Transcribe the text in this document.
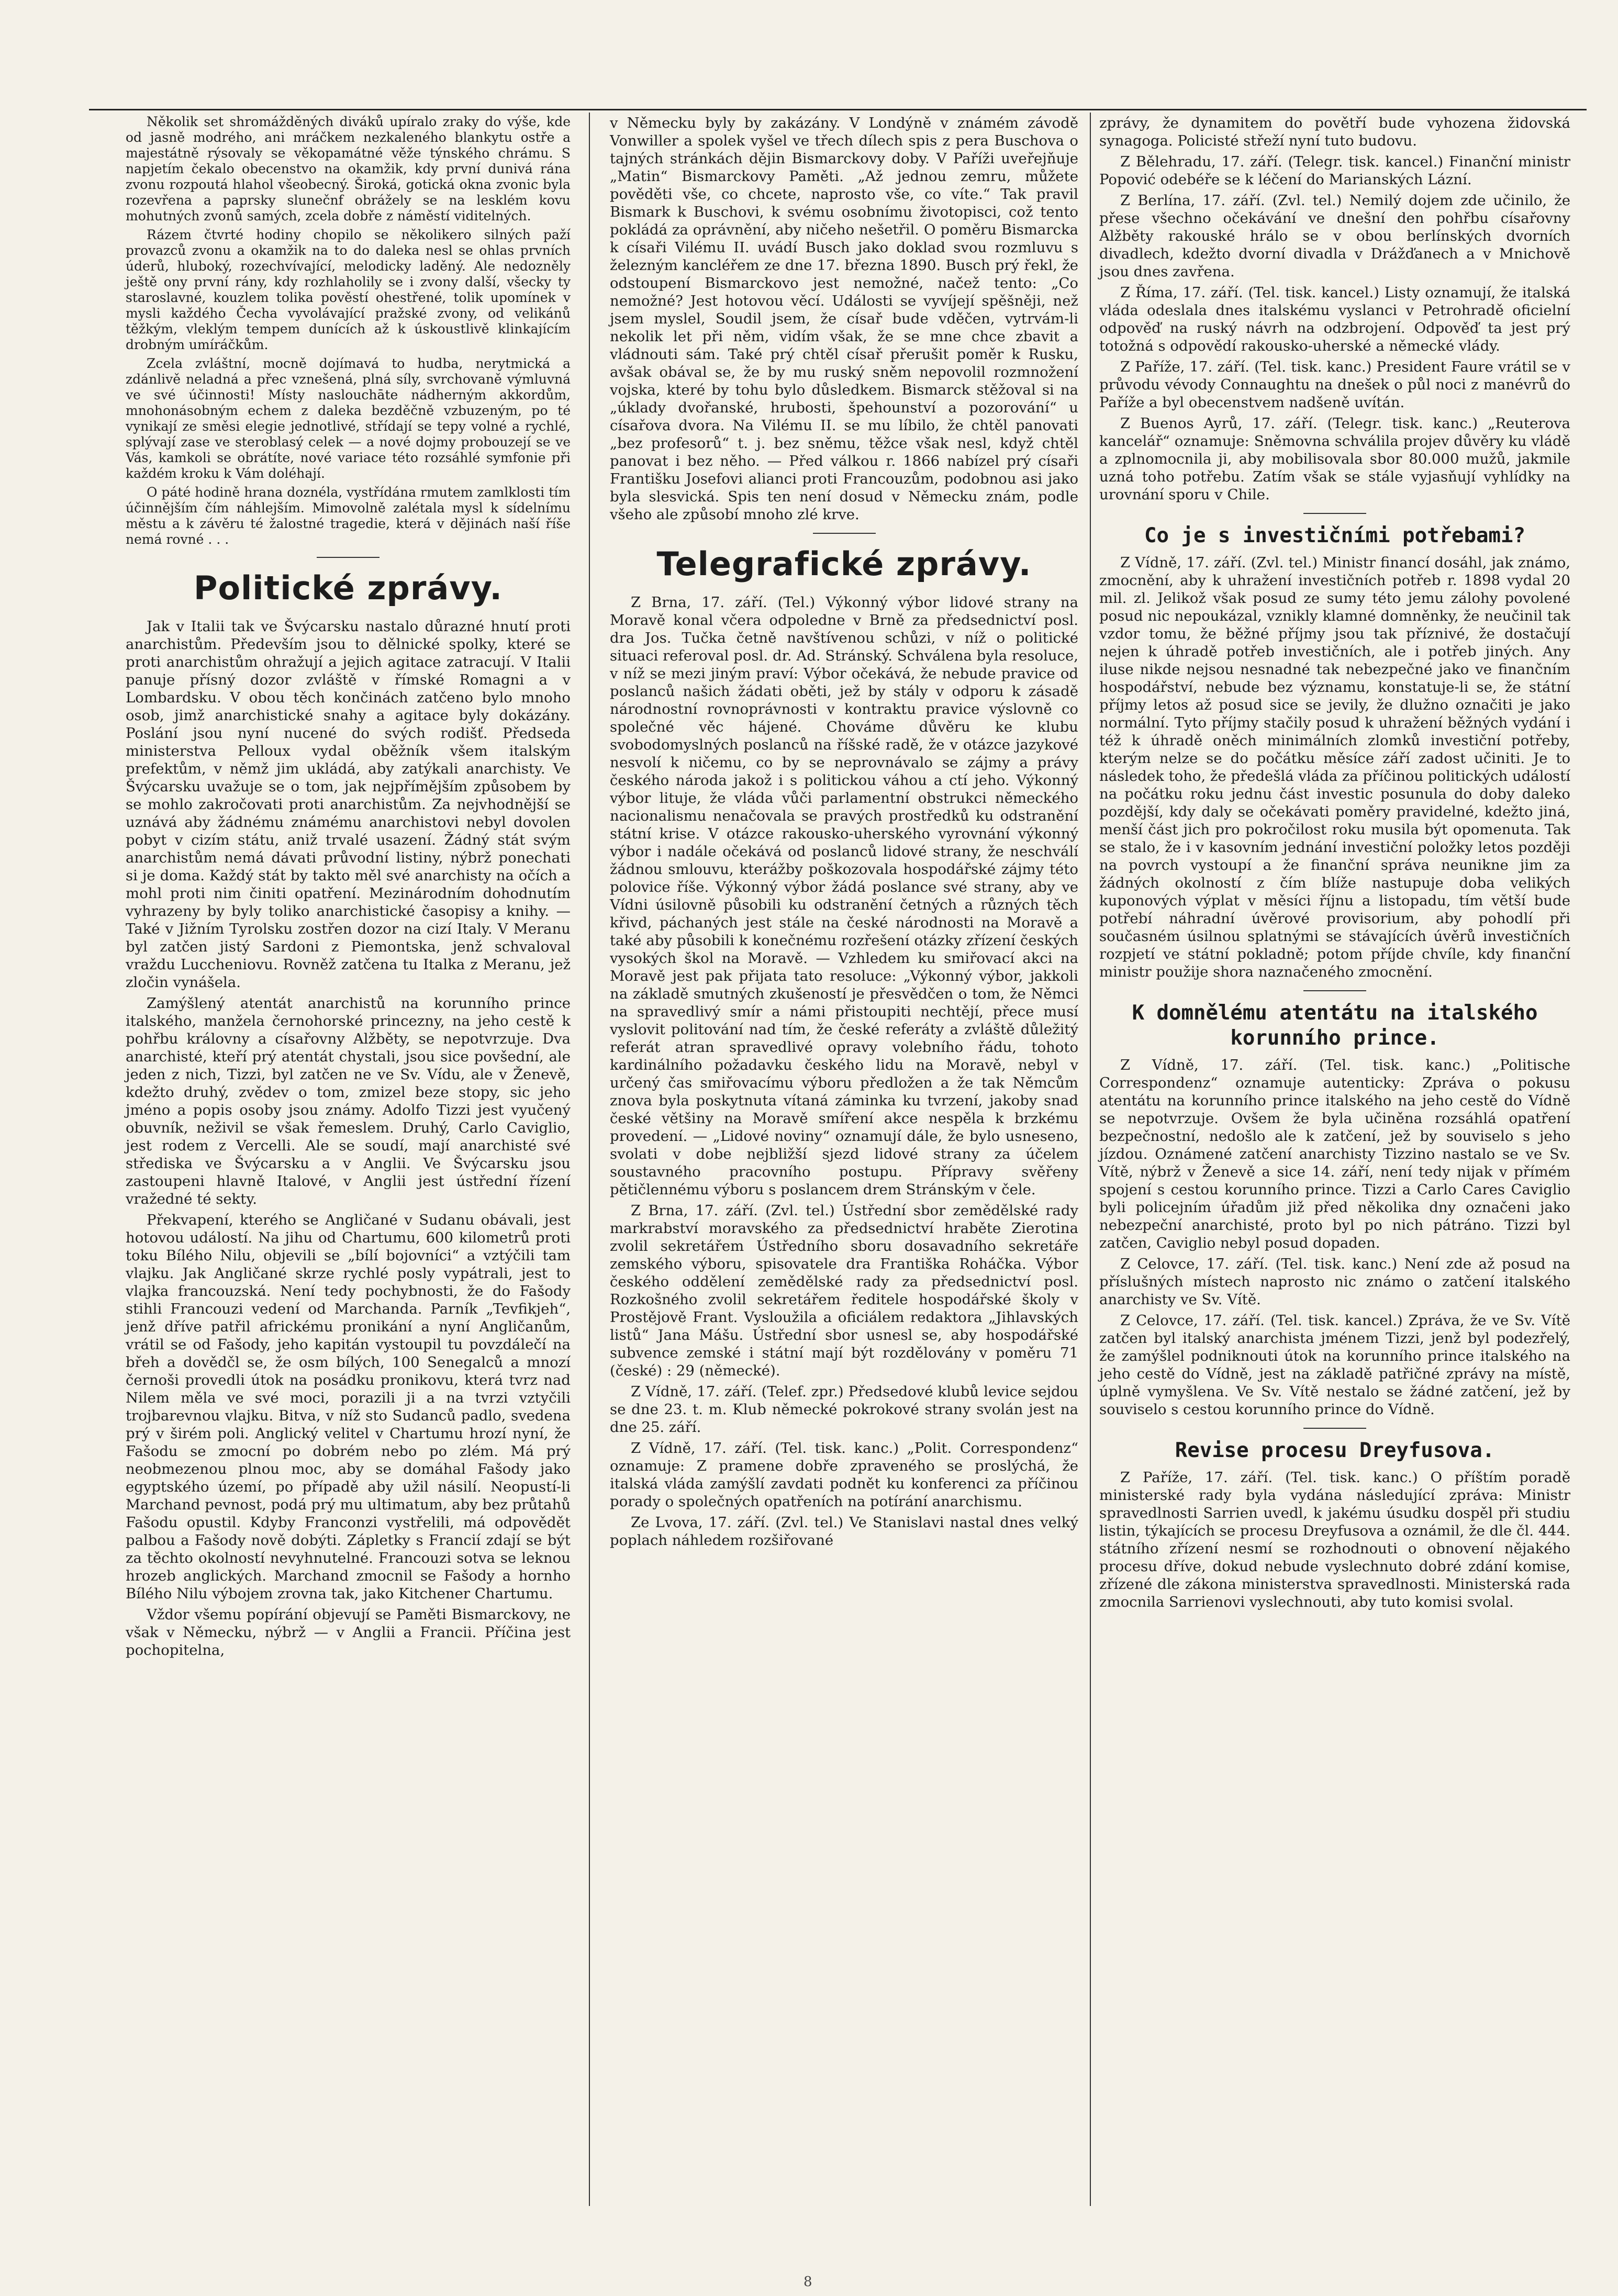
Několik set shromážděných diváků upíralo zraky do výše, kde od jasně modrého, ani mráčkem nezkaleného blankytu ostře a majestátně rýsovaly se věkopamátné věže týnského chrámu. S napjetím čekalo obecenstvo na okamžik, kdy první dunivá rána zvonu rozpoutá hlahol všeobecný. Široká, gotická okna zvonic byla rozevřena a paprsky slunečnf obrážely se na lesklém kovu mohutných zvonů samých, zcela dobře z náměstí viditelných.

Rázem čtvrté hodiny chopilo se několikero silných paží provazců zvonu a okamžik na to do daleka nesl se ohlas prvních úderů, hluboký, rozechvívající, melodicky laděný. Ale nedozněly ještě ony první rány, kdy rozhlaholily se i zvony další, všecky ty staroslavné, kouzlem tolika pověstí ohestřené, tolik upomínek v mysli každého Čecha vyvolávající pražské zvony, od velikánů těžkým, vleklým tempem dunících až k úskoustlivě klinkajícím drobným umíráčkům.

Zcela zvláštní, mocně dojímavá to hudba, nerytmická a zdánlivě neladná a přec vznešená, plná síly, svrchovaně výmluvná ve své účinnosti! Místy naslouchāte nádherným akkordům, mnohonásobným echem z daleka bezděčně vzbuzeným, po té vynikají ze směsi elegie jednotlivé, střídají se tepy volné a rychlé, splývají zase ve steroblasý celek — a nové dojmy probouzejí se ve Vás, kamkoli se obrátíte, nové variace této rozsáhlé symfonie při každém kroku k Vám doléhají.

O páté hodině hrana doznéla, vystřídána rmutem zamlklosti tím účinnějším čím náhlejším. Mimovolně zalétala mysl k sídelnímu městu a k závěru té žalostné tragedie, která v dějinách naší říše nemá rovné . . .

Politické zprávy.

Jak v Italii tak ve Švýcarsku nastalo důrazné hnutí proti anarchistům. Především jsou to dělnické spolky, které se proti anarchistům ohražují a jejich agitace zatracují. V Italii panuje přísný dozor zvláště v římské Romagni a v Lombardsku. V obou těch končinách zatčeno bylo mnoho osob, jimž anarchistické snahy a agitace byly dokázány. Poslání jsou nyní nucené do svých rodišť. Předseda ministerstva Pelloux vydal oběžník všem italským prefektům, v němž jim ukládá, aby zatýkali anarchisty. Ve Švýcarsku uvažuje se o tom, jak nejpřímějším způsobem by se mohlo zakročovati proti anarchistům. Za nejvhodnější se uznává aby žádnému známému anarchistovi nebyl dovolen pobyt v cizím státu, aniž trvalé usazení. Žádný stát svým anarchistům nemá dávati průvodní listiny, nýbrž ponechati si je doma. Každý stát by takto měl své anarchisty na očích a mohl proti nim činiti opatření. Mezinárodním dohodnutím vyhrazeny by byly toliko anarchistické časopisy a knihy. — Také v Jižním Tyrolsku zostřen dozor na cizí Italy. V Meranu byl zatčen jistý Sardoni z Piemontska, jenž schvaloval vraždu Luccheniovu. Rovněž zatčena tu Italka z Meranu, jež zločin vynášela.

Zamýšlený atentát anarchistů na korunního prince italského, manžela černohorské princezny, na jeho cestě k pohřbu královny a císařovny Alžběty, se nepotvrzuje. Dva anarchisté, kteří prý atentát chystali, jsou sice povšední, ale jeden z nich, Tizzi, byl zatčen ne ve Sv. Vídu, ale v Ženevě, kdežto druhý, zvědev o tom, zmizel beze stopy, sic jeho jméno a popis osoby jsou známy. Adolfo Tizzi jest vyučený obuvník, neživil se však řemeslem. Druhý, Carlo Caviglio, jest rodem z Vercelli. Ale se soudí, mají anarchisté své střediska ve Švýcarsku a v Anglii. Ve Švýcarsku jsou zastoupeni hlavně Italové, v Anglii jest ústřední řízení vražedné té sekty.

Překvapení, kterého se Angličané v Sudanu obávali, jest hotovou událostí. Na jihu od Chartumu, 600 kilometrů proti toku Bílého Nilu, objevili se „bílí bojovníci“ a vztýčili tam vlajku. Jak Angličané skrze rychlé posly vypátrali, jest to vlajka francouzská. Není tedy pochybnosti, že do Fašody stihli Francouzi vedení od Marchanda. Parník „Tevfikjeh“, jenž dříve patřil africkému pronikání a nyní Angličanům, vrátil se od Fašody, jeho kapitán vystoupil tu povzdálečí na břeh a dovědčl se, že osm bílých, 100 Senegalců a mnozí černoši provedli útok na posádku pronikovu, která tvrz nad Nilem měla ve své moci, porazili ji a na tvrzi vztyčili trojbarevnou vlajku. Bitva, v níž sto Sudanců padlo, svedena prý v širém poli. Anglický velitel v Chartumu hrozí nyní, že Fašodu se zmocní po dobrém nebo po zlém. Má prý neobmezenou plnou moc, aby se domáhal Fašody jako egyptského území, po případě aby užil násilí. Neopustí-li Marchand pevnost, podá prý mu ultimatum, aby bez průtahů Fašodu opustil. Kdyby Franconzi vystřelili, má odpovědět palbou a Fašody nově dobýti. Zápletky s Francií zdají se být za těchto okolností nevyhnutelné. Francouzi sotva se leknou hrozeb anglických. Marchand zmocnil se Fašody a hornho Bílého Nilu výbojem zrovna tak, jako Kitchener Chartumu.

Vždor všemu popírání objevují se Paměti Bismarckovy, ne však v Německu, nýbrž — v Anglii a Francii. Příčina jest pochopitelna,

v Německu byly by zakázány. V Londýně v známém závodě Vonwiller a spolek vyšel ve třech dílech spis z pera Buschova o tajných stránkách dějin Bismarckovy doby. V Paříži uveřejňuje „Matin“ Bismarckovy Paměti. „Až jednou zemru, můžete pověděti vše, co chcete, naprosto vše, co víte.“ Tak pravil Bismark k Buschovi, k svému osobnímu životopisci, což tento pokládá za oprávnění, aby ničeho nešetřil. O poměru Bismarcka k císaři Vilému II. uvádí Busch jako doklad svou rozmluvu s železným kancléřem ze dne 17. března 1890. Busch prý řekl, že odstoupení Bismarckovo jest nemožné, načež tento: „Co nemožné? Jest hotovou věcí. Události se vyvíjejí spěšněji, než jsem myslel, Soudil jsem, že císař bude vděčen, vytrvám-li nekolik let při něm, vidím však, že se mne chce zbavit a vládnouti sám. Také prý chtěl císař přerušit poměr k Rusku, avšak obával se, že by mu ruský sněm nepovolil rozmnožení vojska, které by tohu bylo důsledkem. Bismarck stěžoval si na „úklady dvořanské, hrubosti, špehounství a pozorování“ u císařova dvora. Na Vilému II. se mu líbilo, že chtěl panovati „bez profesorů“ t. j. bez sněmu, těžce však nesl, když chtěl panovat i bez něho. — Před válkou r. 1866 nabízel prý císaři Františku Josefovi alianci proti Francouzům, podobnou asi jako byla slesvická. Spis ten není dosud v Německu znám, podle všeho ale způsobí mnoho zlé krve.

Telegrafické zprávy.

Z Brna, 17. září. (Tel.) Výkonný výbor lidové strany na Moravě konal včera odpoledne v Brně za předsednictví posl. dra Jos. Tučka četně navštívenou schůzi, v níž o politické situaci referoval posl. dr. Ad. Stránský. Schválena byla resoluce, v níž se mezi jiným praví: Výbor očekává, že nebude pravice od poslanců našich žádati oběti, jež by stály v odporu k zásadě národnostní rovnoprávnosti v kontraktu pravice výslovně co společné věc hájené. Chováme důvěru ke klubu svobodomyslných poslanců na říšské radě, že v otázce jazykové nesvolí k ničemu, co by se neprovnávalo se zájmy a právy českého národa jakož i s politickou váhou a ctí jeho. Výkonný výbor lituje, že vláda vůči parlamentní obstrukci německého nacionalismu nenačovala se pravých prostředků ku odstranění státní krise. V otázce rakousko-uherského vyrovnání výkonný výbor i nadále očekává od poslanců lidové strany, že neschválí žádnou smlouvu, kterážby poškozovala hospodářské zájmy této polovice říše. Výkonný výbor žádá poslance své strany, aby ve Vídni úsilovně působili ku odstranění četných a různých těch křivd, páchaných jest stále na české národnosti na Moravě a také aby působili k konečnému rozřešení otázky zřízení českých vysokých škol na Moravě. — Vzhledem ku smiřovací akci na Moravě jest pak přijata tato resoluce: „Výkonný výbor, jakkoli na základě smutných zkušeností je přesvědčen o tom, že Němci na spravedlivý smír a námi přistoupiti nechtějí, přece musí vyslovit politování nad tím, že české referáty a zvláště důležitý referát atran spravedlivé opravy volebního řádu, tohoto kardinálního požadavku českého lidu na Moravě, nebyl v určený čas smiřovacímu výboru předložen a že tak Němcům znova byla poskytnuta vítaná záminka ku tvrzení, jakoby snad české většiny na Moravě smíření akce nespěla k brzkému provedení. — „Lidové noviny“ oznamují dále, že bylo usneseno, svolati v dobe nejbližší sjezd lidové strany za účelem soustavného pracovního postupu. Přípravy svěřeny pětičlennému výboru s poslancem drem Stránským v čele.

Z Brna, 17. září. (Zvl. tel.) Ústřední sbor zemědělské rady markrabství moravského za předsednictví hraběte Zierotina zvolil sekretářem Ústředního sboru dosavadního sekretáře zemského výboru, spisovatele dra Františka Roháčka. Výbor českého oddělení zemědělské rady za předsednictví posl. Rozkošného zvolil sekretářem ředitele hospodářské školy v Prostějově Frant. Vysloužila a oficiálem redaktora „Jihlavských listů“ Jana Mášu. Ústřední sbor usnesl se, aby hospodářské subvence zemské i státní mají být rozdělovány v poměru 71 (české) : 29 (německé).

Z Vídně, 17. září. (Telef. zpr.) Předsedové klubů levice sejdou se dne 23. t. m. Klub německé pokrokové strany svolán jest na dne 25. září.

Z Vídně, 17. září. (Tel. tisk. kanc.) „Polit. Correspondenz“ oznamuje: Z pramene dobře zpraveného se proslýchá, že italská vláda zamýšlí zavdati podnět ku konferenci za příčinou porady o společných opatřeních na potírání anarchismu.

Ze Lvova, 17. září. (Zvl. tel.) Ve Stanislavi nastal dnes velký poplach náhledem rozšiřované

zprávy, že dynamitem do povětří bude vyhozena židovská synagoga. Policisté střeží nyní tuto budovu.

Z Bělehradu, 17. září. (Telegr. tisk. kancel.) Finanční ministr Popović odebéře se k léčení do Marianských Lázní.

Z Berlína, 17. září. (Zvl. tel.) Nemilý dojem zde učinilo, že přese všechno očekávání ve dnešní den pohřbu císařovny Alžběty rakouské hrálo se v obou berlínských dvorních divadlech, kdežto dvorní divadla v Drážďanech a v Mnichově jsou dnes zavřena.

Z Říma, 17. září. (Tel. tisk. kancel.) Listy oznamují, že italská vláda odeslala dnes italskému vyslanci v Petrohradě oficielní odpověď na ruský návrh na odzbrojení. Odpověď ta jest prý totožná s odpovědí rakousko-uherské a německé vlády.

Z Paříže, 17. září. (Tel. tisk. kanc.) President Faure vrátil se v průvodu vévody Connaughtu na dnešek o půl noci z manévrů do Paříže a byl obecenstvem nadšeně uvítán.

Z Buenos Ayrů, 17. září. (Telegr. tisk. kanc.) „Reuterova kancelář“ oznamuje: Sněmovna schválila projev důvěry ku vládě a zplnomocnila ji, aby mobilisovala sbor 80.000 mužů, jakmile uzná toho potřebu. Zatím však se stále vyjasňují vyhlídky na urovnání sporu v Chile.

Co je s investičními potřebami?

Z Vídně, 17. září. (Zvl. tel.) Ministr financí dosáhl, jak známo, zmocnění, aby k uhražení investičních potřeb r. 1898 vydal 20 mil. zl. Jelikož však posud ze sumy této jemu zálohy povolené posud nic nepoukázal, vznikly klamné domněnky, že neučinil tak vzdor tomu, že běžné příjmy jsou tak příznivé, že dostačují nejen k úhradě potřeb investičních, ale i potřeb jiných. Any iluse nikde nejsou nesnadné tak nebezpečné jako ve finančním hospodářství, nebude bez významu, konstatuje-li se, že státní příjmy letos až posud sice se jevily, že dlužno označiti je jako normální. Tyto příjmy stačily posud k uhražení běžných vydání i též k úhradě oněch minimálních zlomků investiční potřeby, kterým nelze se do počátku měsíce září zadost učiniti. Je to následek toho, že předešlá vláda za příčinou politických událostí na počátku roku jednu část investic posunula do doby daleko pozdější, kdy daly se očekávati poměry pravidelné, kdežto jiná, menší část jich pro pokročilost roku musila být opomenuta. Tak se stalo, že i v kasovním jednání investiční položky letos později na povrch vystoupí a že finanční správa neunikne jim za žádných okolností z čím blíže nastupuje doba velikých kuponových výplat v měsíci říjnu a listopadu, tím větší bude potřebí náhradní úvěrové provisorium, aby pohodlí při současném úsilnou splatnými se stávajících úvěrů investičních rozpjetí ve státní pokladně; potom příjde chvíle, kdy finanční ministr použije shora naznačeného zmocnění.

K domnělému atentátu na italského korunního prince.

Z Vídně, 17. září. (Tel. tisk. kanc.) „Politische Correspondenz“ oznamuje autenticky: Zpráva o pokusu atentátu na korunního prince italského na jeho cestě do Vídně se nepotvrzuje. Ovšem že byla učiněna rozsáhlá opatření bezpečnostní, nedošlo ale k zatčení, jež by souviselo s jeho jízdou. Oznámené zatčení anarchisty Tizzino nastalo se ve Sv. Vítě, nýbrž v Ženevě a sice 14. září, není tedy nijak v přímém spojení s cestou korunního prince. Tizzi a Carlo Cares Caviglio byli policejním úřadům již před několika dny označeni jako nebezpeční anarchisté, proto byl po nich pátráno. Tizzi byl zatčen, Caviglio nebyl posud dopaden.

Z Celovce, 17. září. (Tel. tisk. kanc.) Není zde až posud na příslušných místech naprosto nic známo o zatčení italského anarchisty ve Sv. Vítě.

Z Celovce, 17. září. (Tel. tisk. kancel.) Zpráva, že ve Sv. Vítě zatčen byl italský anarchista jménem Tizzi, jenž byl podezřelý, že zamýšlel podniknouti útok na korunního prince italského na jeho cestě do Vídně, jest na základě patřičné zprávy na místě, úplně vymyšlena. Ve Sv. Vítě nestalo se žádné zatčení, jež by souviselo s cestou korunního prince do Vídně.

Revise procesu Dreyfusova.

Z Paříže, 17. září. (Tel. tisk. kanc.) O příštím poradě ministerské rady byla vydána následující zpráva: Ministr spravedlnosti Sarrien uvedl, k jakému úsudku dospěl při studiu listin, týkajících se procesu Dreyfusova a oznámil, že dle čl. 444. státního zřízení nesmí se rozhodnouti o obnovení nějakého procesu dříve, dokud nebude vyslechnuto dobré zdání komise, zřízené dle zákona ministerstva spravedlnosti. Ministerská rada zmocnila Sarrienovi vyslechnouti, aby tuto komisi svolal.

8
